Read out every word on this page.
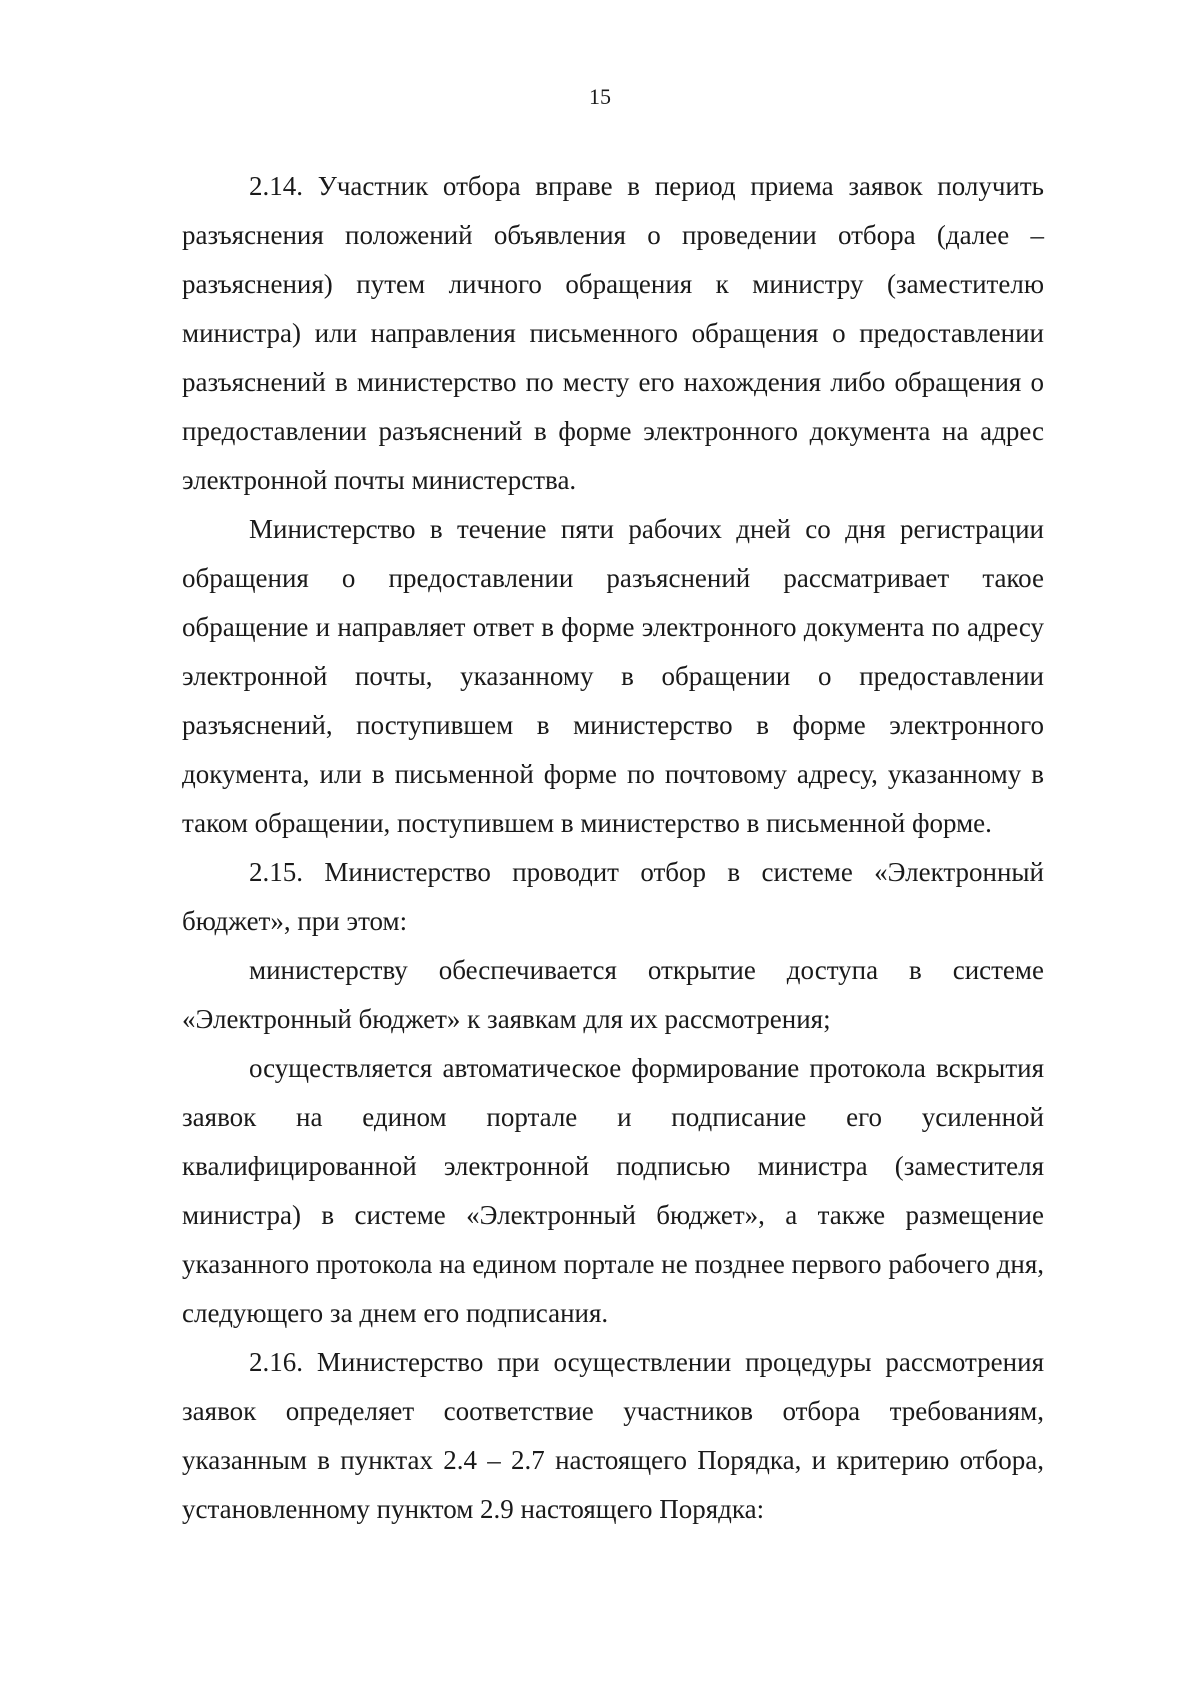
15

2.14. Участник отбора вправе в период приема заявок получить разъяснения положений объявления о проведении отбора (далее – разъяснения) путем личного обращения к министру (заместителю министра) или направления письменного обращения о предоставлении разъяснений в министерство по месту его нахождения либо обращения о предоставлении разъяснений в форме электронного документа на адрес электронной почты министерства.

Министерство в течение пяти рабочих дней со дня регистрации обращения о предоставлении разъяснений рассматривает такое обращение и направляет ответ в форме электронного документа по адресу электронной почты, указанному в обращении о предоставлении разъяснений, поступившем в министерство в форме электронного документа, или в письменной форме по почтовому адресу, указанному в таком обращении, поступившем в министерство в письменной форме.

2.15. Министерство проводит отбор в системе «Электронный бюджет», при этом:

министерству обеспечивается открытие доступа в системе «Электронный бюджет» к заявкам для их рассмотрения;

осуществляется автоматическое формирование протокола вскрытия заявок на едином портале и подписание его усиленной квалифицированной электронной подписью министра (заместителя министра) в системе «Электронный бюджет», а также размещение указанного протокола на едином портале не позднее первого рабочего дня, следующего за днем его подписания.

2.16. Министерство при осуществлении процедуры рассмотрения заявок определяет соответствие участников отбора требованиям, указанным в пунктах 2.4 – 2.7 настоящего Порядка, и критерию отбора, установленному пунктом 2.9 настоящего Порядка:
